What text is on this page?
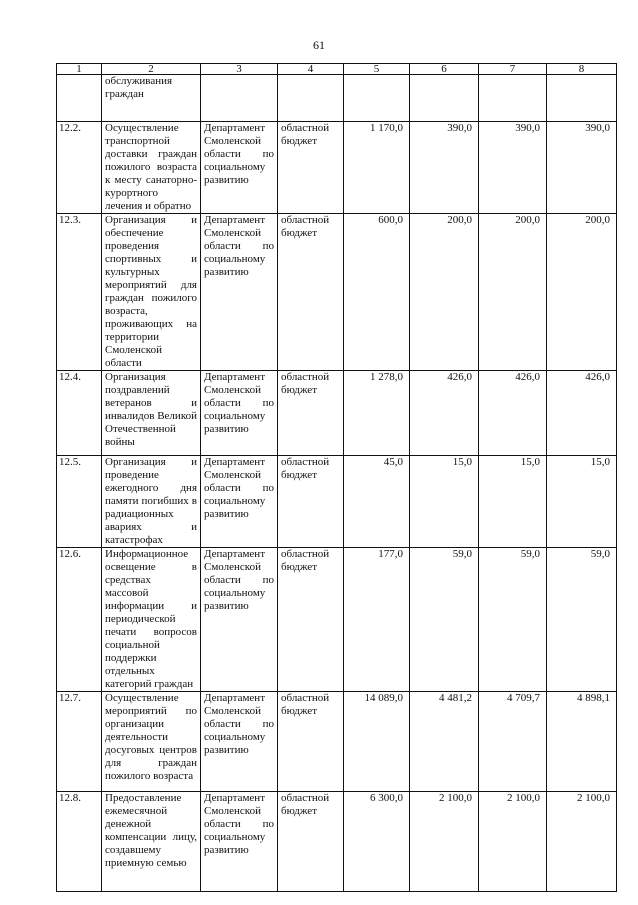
61
1	2	3	4	5	6	7	8
	обслуживания граждан						
12.2.	Осуществление транспортной доставки граждан пожилого возраста к месту санаторно-курортного лечения и обратно	Департамент Смоленской области по социальному развитию	областной бюджет	1 170,0	390,0	390,0	390,0
12.3.	Организация и обеспечение проведения спортивных и культурных мероприятий для граждан пожилого возраста, проживающих на территории Смоленской области	Департамент Смоленской области по социальному развитию	областной бюджет	600,0	200,0	200,0	200,0
12.4.	Организация поздравлений ветеранов и инвалидов Великой Отечественной войны	Департамент Смоленской области по социальному развитию	областной бюджет	1 278,0	426,0	426,0	426,0
12.5.	Организация и проведение ежегодного дня памяти погибших в радиационных авариях и катастрофах	Департамент Смоленской области по социальному развитию	областной бюджет	45,0	15,0	15,0	15,0
12.6.	Информационное освещение в средствах массовой информации и периодической печати вопросов социальной поддержки отдельных категорий граждан	Департамент Смоленской области по социальному развитию	областной бюджет	177,0	59,0	59,0	59,0
12.7.	Осуществление мероприятий по организации деятельности досуговых центров для граждан пожилого возраста	Департамент Смоленской области по социальному развитию	областной бюджет	14 089,0	4 481,2	4 709,7	4 898,1
12.8.	Предоставление ежемесячной денежной компенсации лицу, создавшему приемную семью	Департамент Смоленской области по социальному развитию	областной бюджет	6 300,0	2 100,0	2 100,0	2 100,0
